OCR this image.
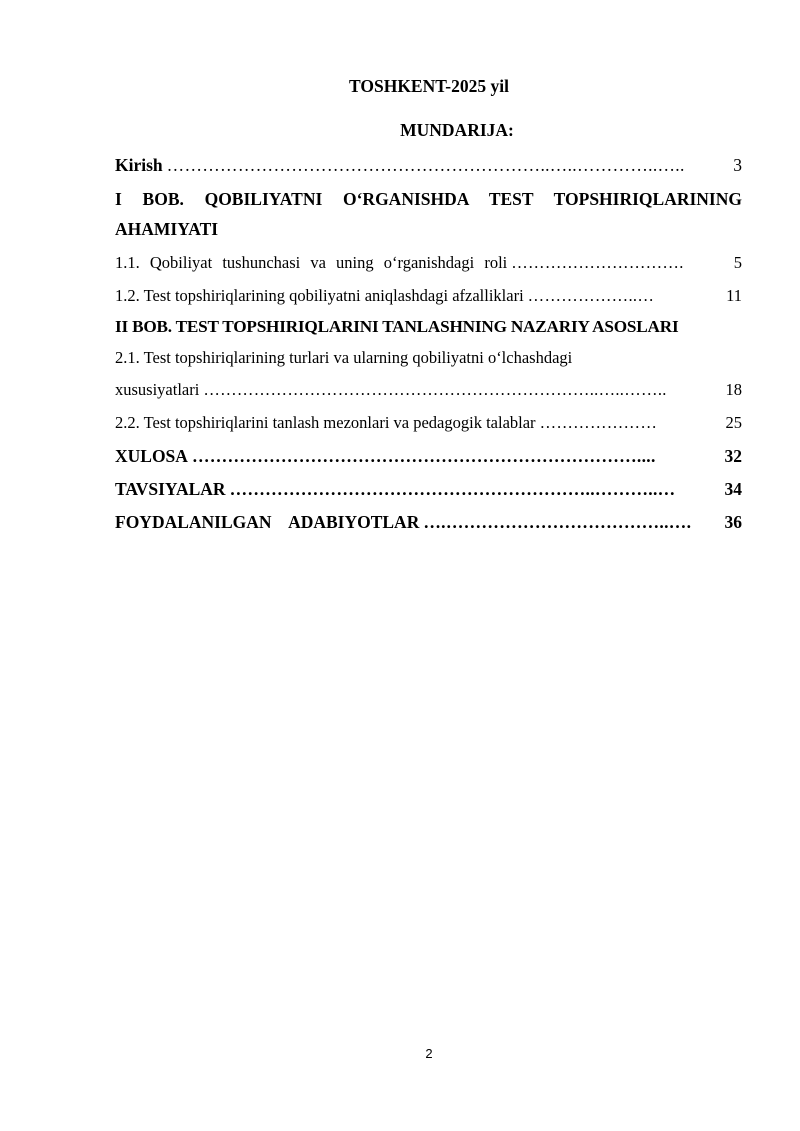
TOSHKENT-2025 yil
MUNDARIJA:
Kirish ………………………………………………………..…..…………..…..	3
I BOB. QOBILIYATNI O‘RGANISHDA TEST TOPSHIRIQLARINING
AHAMIYATI
1.1. Qobiliyat tushunchasi va uning o‘rganishdagi roli ………………………….	5
1.2. Test topshiriqlarining qobiliyatni aniqlashdagi afzalliklari ………………..…	11
II BOB. TEST TOPSHIRIQLARINI TANLASHNING NAZARIY ASOSLARI
2.1. Test topshiriqlarining turlari va ularning qobiliyatni o‘lchashdagi
xususiyatlari ……………………………………………………………..…..……..	18
2.2. Test topshiriqlarini tanlash mezonlari va pedagogik talablar …………………	25
XULOSA …………………………………………………………………....	32
TAVSIYALAR ……………………………………………………..………..…	34
FOYDALANILGAN    ADABIYOTLAR ….………………………………..….	36
2
